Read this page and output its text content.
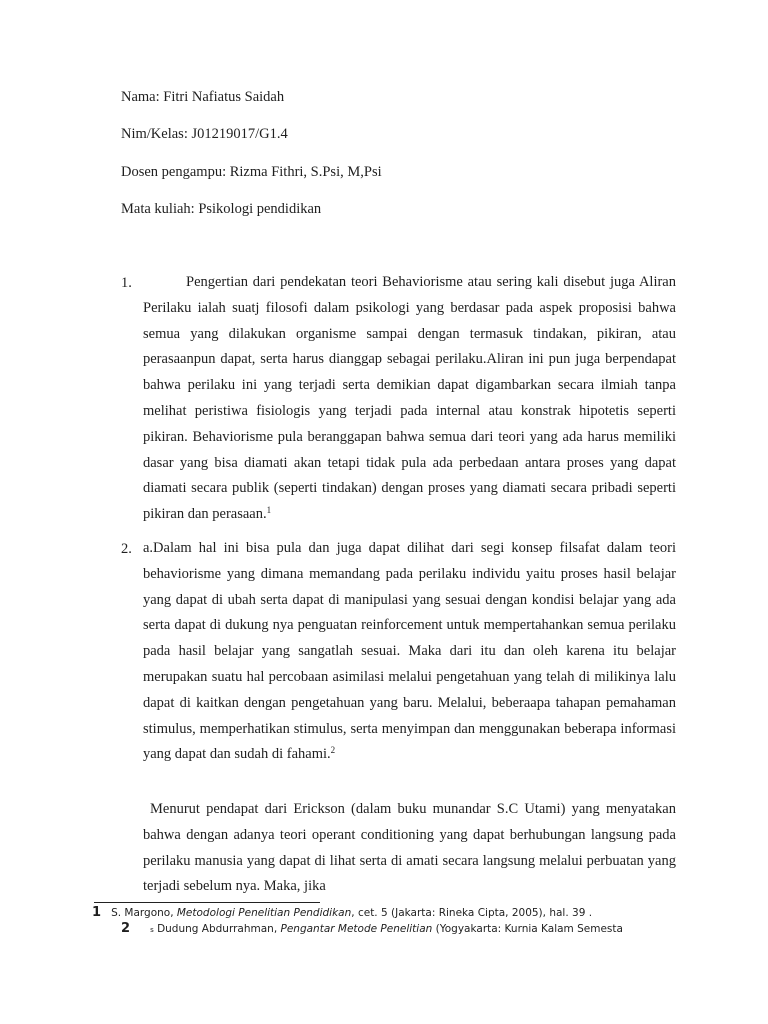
Nama: Fitri Nafiatus Saidah
Nim/Kelas: J01219017/G1.4
Dosen pengampu: Rizma Fithri, S.Psi, M,Psi
Mata kuliah: Psikologi pendidikan
1.	Pengertian dari pendekatan teori Behaviorisme atau sering kali disebut juga Aliran Perilaku ialah suatj filosofi dalam psikologi yang berdasar pada aspek proposisi bahwa semua yang dilakukan organisme sampai dengan termasuk tindakan, pikiran, atau perasaanpun dapat, serta harus dianggap sebagai perilaku.Aliran ini pun juga berpendapat bahwa perilaku ini yang terjadi serta demikian dapat digambarkan secara ilmiah tanpa melihat peristiwa fisiologis yang terjadi pada internal atau konstrak hipotetis seperti pikiran. Behaviorisme pula beranggapan bahwa semua dari teori yang ada harus memiliki dasar yang bisa diamati akan tetapi tidak pula ada perbedaan antara proses yang dapat diamati secara publik (seperti tindakan) dengan proses yang diamati secara pribadi seperti pikiran dan perasaan.$^1$

2. a.Dalam hal ini bisa pula dan juga dapat dilihat dari segi konsep filsafat dalam teori behaviorisme yang dimana memandang pada perilaku individu yaitu proses hasil belajar yang dapat di ubah serta dapat di manipulasi yang sesuai dengan kondisi belajar yang ada serta dapat di dukung nya penguatan reinforcement untuk mempertahankan semua perilaku pada hasil belajar yang sangatlah sesuai. Maka dari itu dan oleh karena itu belajar merupakan suatu hal percobaan asimilasi melalui pengetahuan yang telah di milikinya lalu dapat di kaitkan dengan pengetahuan yang baru. Melalui, beberaapa tahapan pemahaman stimulus, memperhatikan stimulus, serta menyimpan dan menggunakan beberapa informasi yang dapat dan sudah di fahami.$^2$

Menurut pendapat dari Erickson (dalam buku munandar S.C Utami) yang menyatakan bahwa dengan adanya teori operant conditioning yang dapat berhubungan langsung pada perilaku manusia yang dapat di lihat serta di amati secara langsung melalui perbuatan yang terjadi sebelum nya. Maka, jika

1 S. Margono, Metodologi Penelitian Pendidikan, cet. 5 (Jakarta: Rineka Cipta, 2005), hal. 39 .
2	s Dudung Abdurrahman, Pengantar Metode Penelitian (Yogyakarta: Kurnia Kalam Semesta
